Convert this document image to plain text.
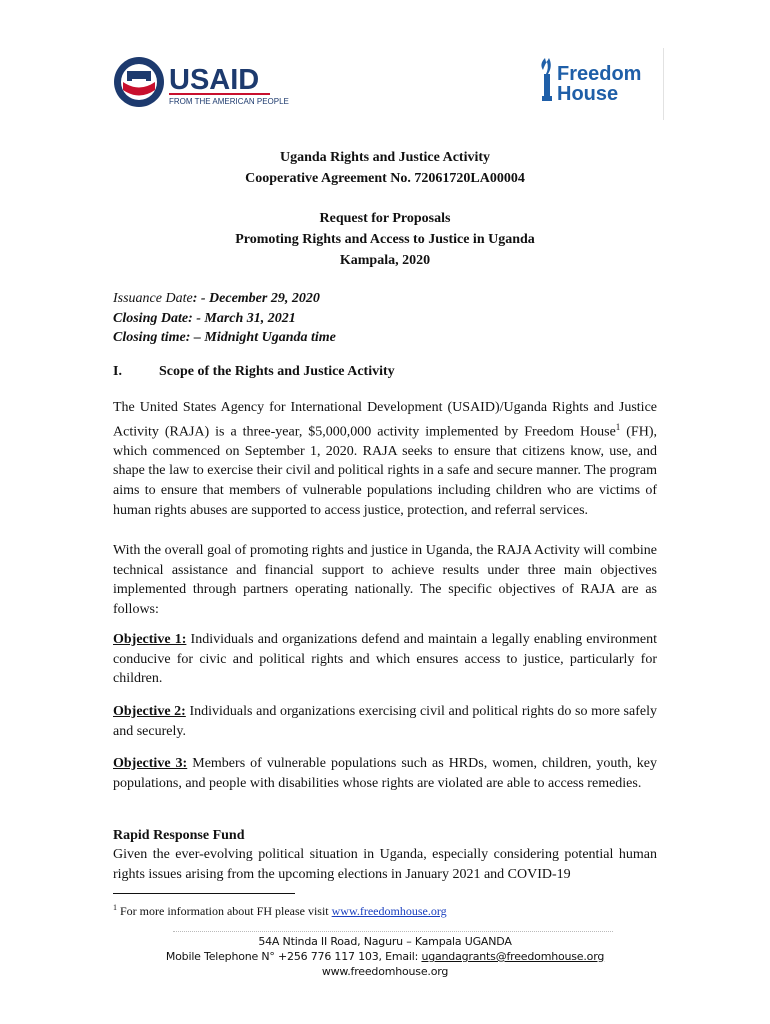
USAID
FROM THE AMERICAN PEOPLE
Freedom
House
Uganda Rights and Justice Activity
Cooperative Agreement No. 72061720LA00004
Request for Proposals
Promoting Rights and Access to Justice in Uganda
Kampala, 2020
Issuance Date: - December 29, 2020
Closing Date: - March 31, 2021
Closing time: – Midnight Uganda time
I.	Scope of the Rights and Justice Activity
The United States Agency for International Development (USAID)/Uganda Rights and Justice Activity (RAJA) is a three-year, $5,000,000 activity implemented by Freedom House$^1$ (FH), which commenced on September 1, 2020. RAJA seeks to ensure that citizens know, use, and shape the law to exercise their civil and political rights in a safe and secure manner. The program aims to ensure that members of vulnerable populations including children who are victims of human rights abuses are supported to access justice, protection, and referral services.
With the overall goal of promoting rights and justice in Uganda, the RAJA Activity will combine technical assistance and financial support to achieve results under three main objectives implemented through partners operating nationally. The specific objectives of RAJA are as follows:
Objective 1: Individuals and organizations defend and maintain a legally enabling environment conducive for civic and political rights and which ensures access to justice, particularly for children.
Objective 2: Individuals and organizations exercising civil and political rights do so more safely and securely.
Objective 3: Members of vulnerable populations such as HRDs, women, children, youth, key populations, and people with disabilities whose rights are violated are able to access remedies.
Rapid Response Fund
Given the ever-evolving political situation in Uganda, especially considering potential human rights issues arising from the upcoming elections in January 2021 and COVID-19
$^1$ For more information about FH please visit www.freedomhouse.org
54A Ntinda II Road, Naguru – Kampala UGANDA
Mobile Telephone N° +256 776 117 103, Email: ugandagrants@freedomhouse.org
www.freedomhouse.org
